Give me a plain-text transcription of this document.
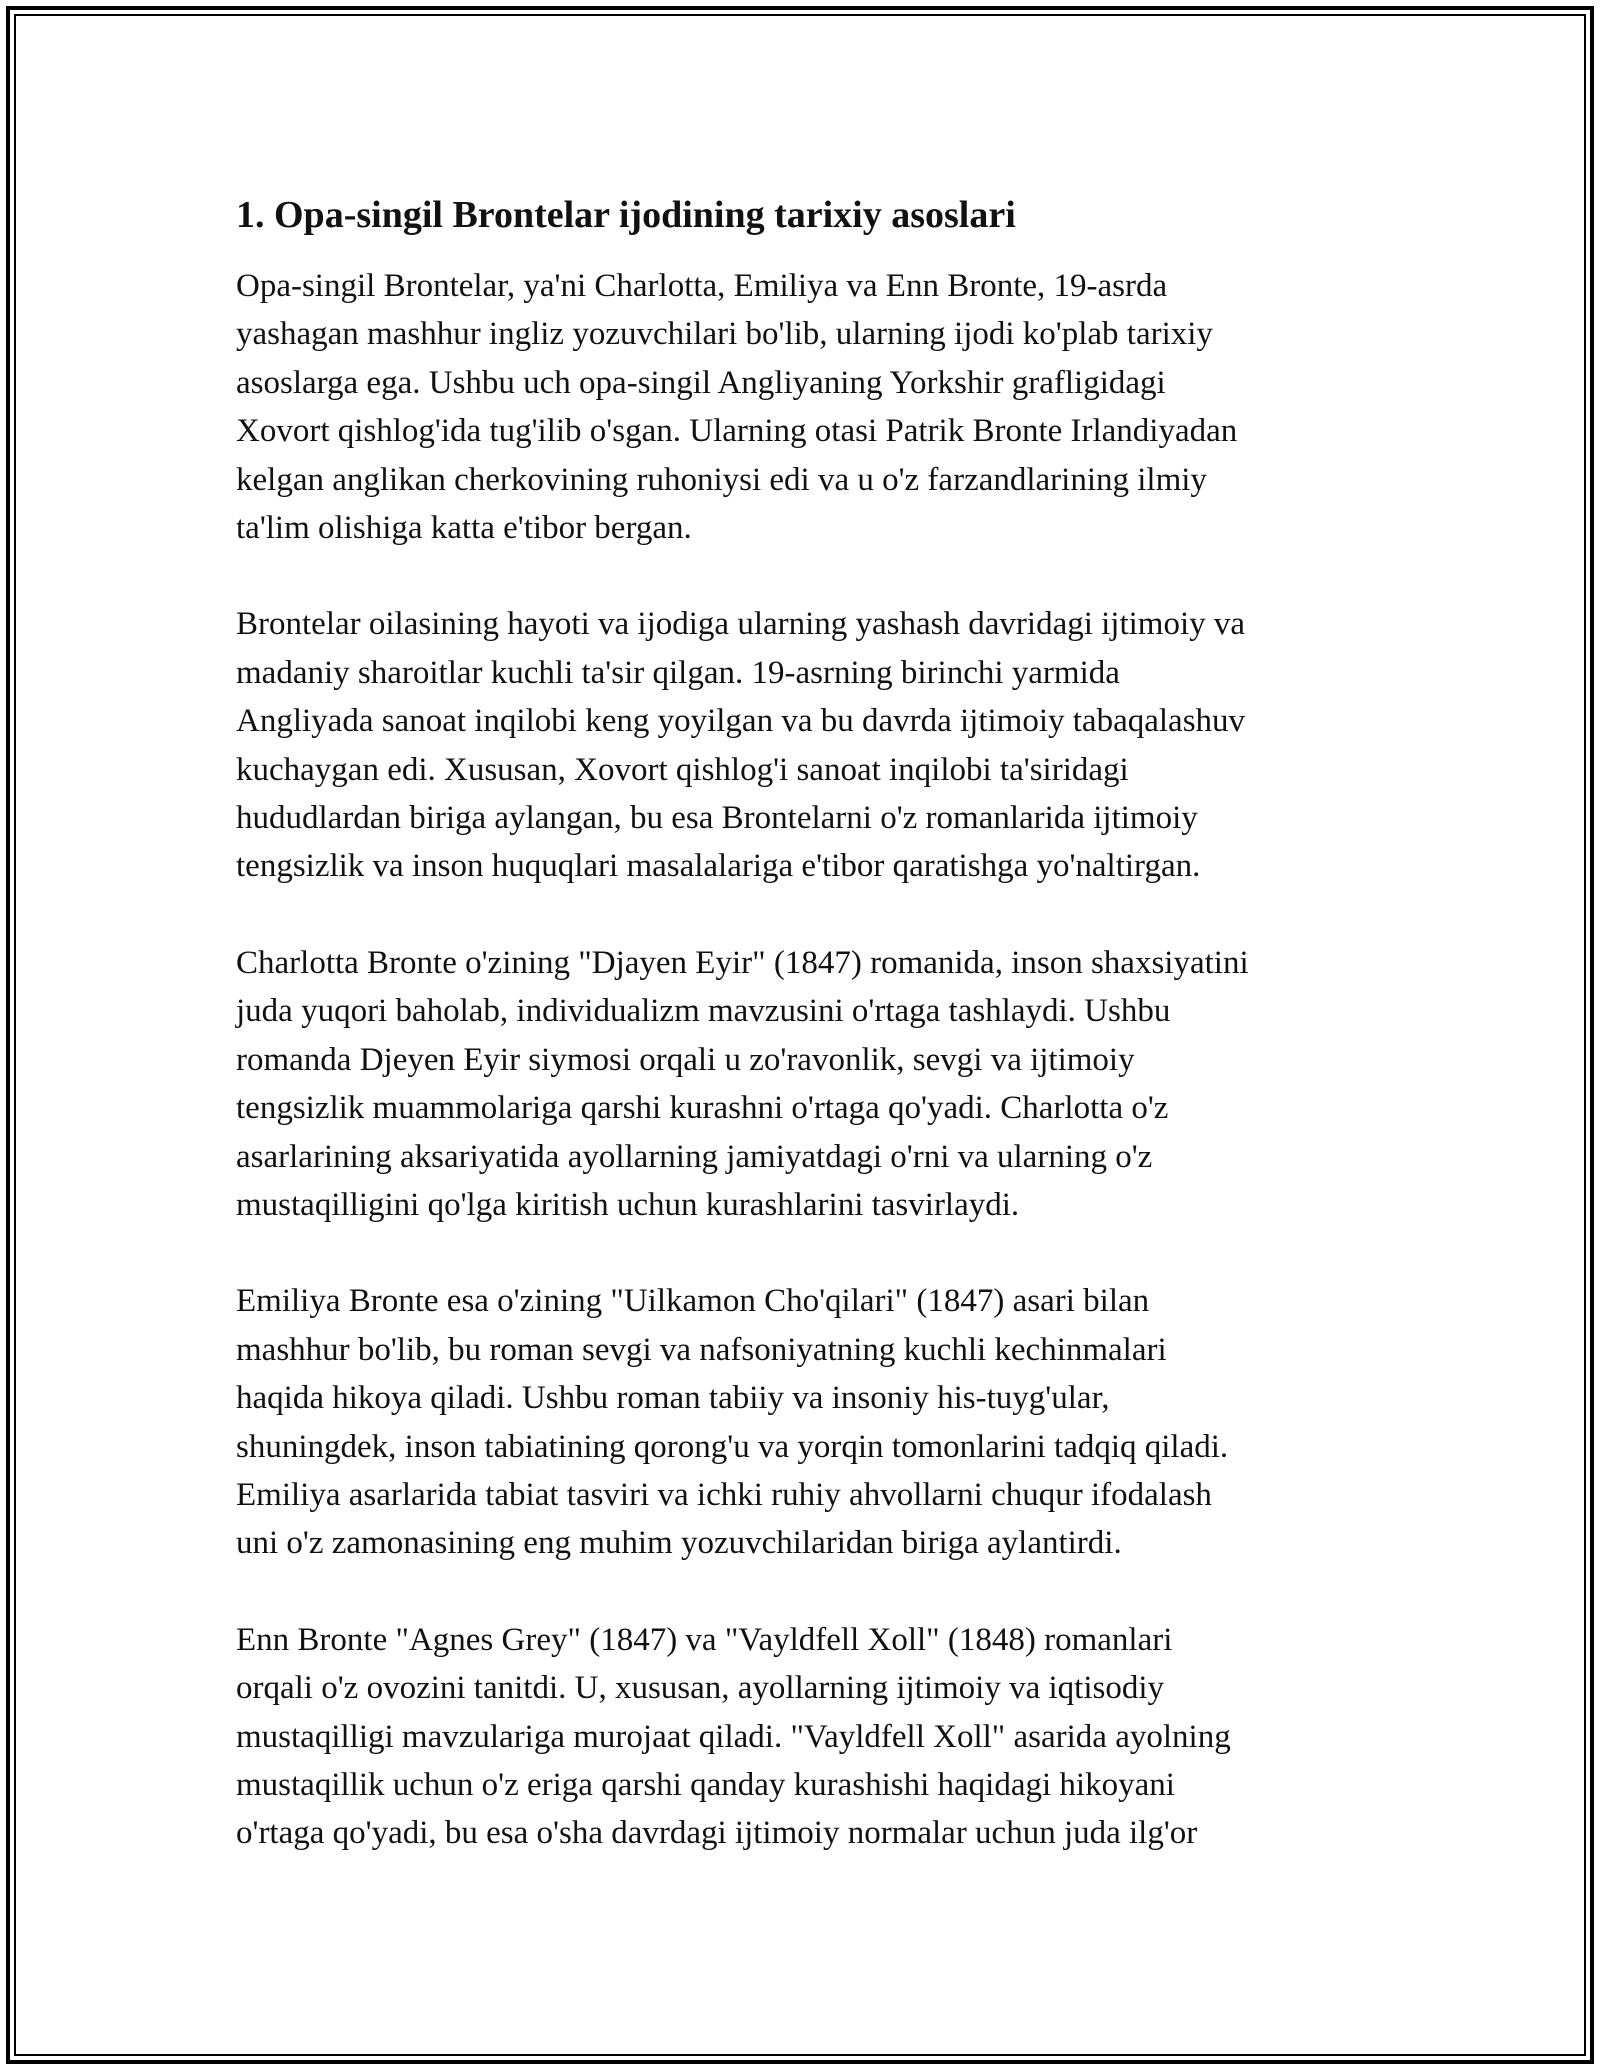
1. Opa-singil Brontelar ijodining tarixiy asoslari

Opa-singil Brontelar, ya'ni Charlotta, Emiliya va Enn Bronte, 19-asrda
yashagan mashhur ingliz yozuvchilari bo'lib, ularning ijodi ko'plab tarixiy
asoslarga ega. Ushbu uch opa-singil Angliyaning Yorkshir grafligidagi
Xovort qishlog'ida tug'ilib o'sgan. Ularning otasi Patrik Bronte Irlandiyadan
kelgan anglikan cherkovining ruhoniysi edi va u o'z farzandlarining ilmiy
ta'lim olishiga katta e'tibor bergan.

Brontelar oilasining hayoti va ijodiga ularning yashash davridagi ijtimoiy va
madaniy sharoitlar kuchli ta'sir qilgan. 19-asrning birinchi yarmida
Angliyada sanoat inqilobi keng yoyilgan va bu davrda ijtimoiy tabaqalashuv
kuchaygan edi. Xususan, Xovort qishlog'i sanoat inqilobi ta'siridagi
hududlardan biriga aylangan, bu esa Brontelarni o'z romanlarida ijtimoiy
tengsizlik va inson huquqlari masalalariga e'tibor qaratishga yo'naltirgan.

Charlotta Bronte o'zining "Djayen Eyir" (1847) romanida, inson shaxsiyatini
juda yuqori baholab, individualizm mavzusini o'rtaga tashlaydi. Ushbu
romanda Djeyen Eyir siymosi orqali u zo'ravonlik, sevgi va ijtimoiy
tengsizlik muammolariga qarshi kurashni o'rtaga qo'yadi. Charlotta o'z
asarlarining aksariyatida ayollarning jamiyatdagi o'rni va ularning o'z
mustaqilligini qo'lga kiritish uchun kurashlarini tasvirlaydi.

Emiliya Bronte esa o'zining "Uilkamon Cho'qilari" (1847) asari bilan
mashhur bo'lib, bu roman sevgi va nafsoniyatning kuchli kechinmalari
haqida hikoya qiladi. Ushbu roman tabiiy va insoniy his-tuyg'ular,
shuningdek, inson tabiatining qorong'u va yorqin tomonlarini tadqiq qiladi.
Emiliya asarlarida tabiat tasviri va ichki ruhiy ahvollarni chuqur ifodalash
uni o'z zamonasining eng muhim yozuvchilaridan biriga aylantirdi.

Enn Bronte "Agnes Grey" (1847) va "Vayldfell Xoll" (1848) romanlari
orqali o'z ovozini tanitdi. U, xususan, ayollarning ijtimoiy va iqtisodiy
mustaqilligi mavzulariga murojaat qiladi. "Vayldfell Xoll" asarida ayolning
mustaqillik uchun o'z eriga qarshi qanday kurashishi haqidagi hikoyani
o'rtaga qo'yadi, bu esa o'sha davrdagi ijtimoiy normalar uchun juda ilg'or
